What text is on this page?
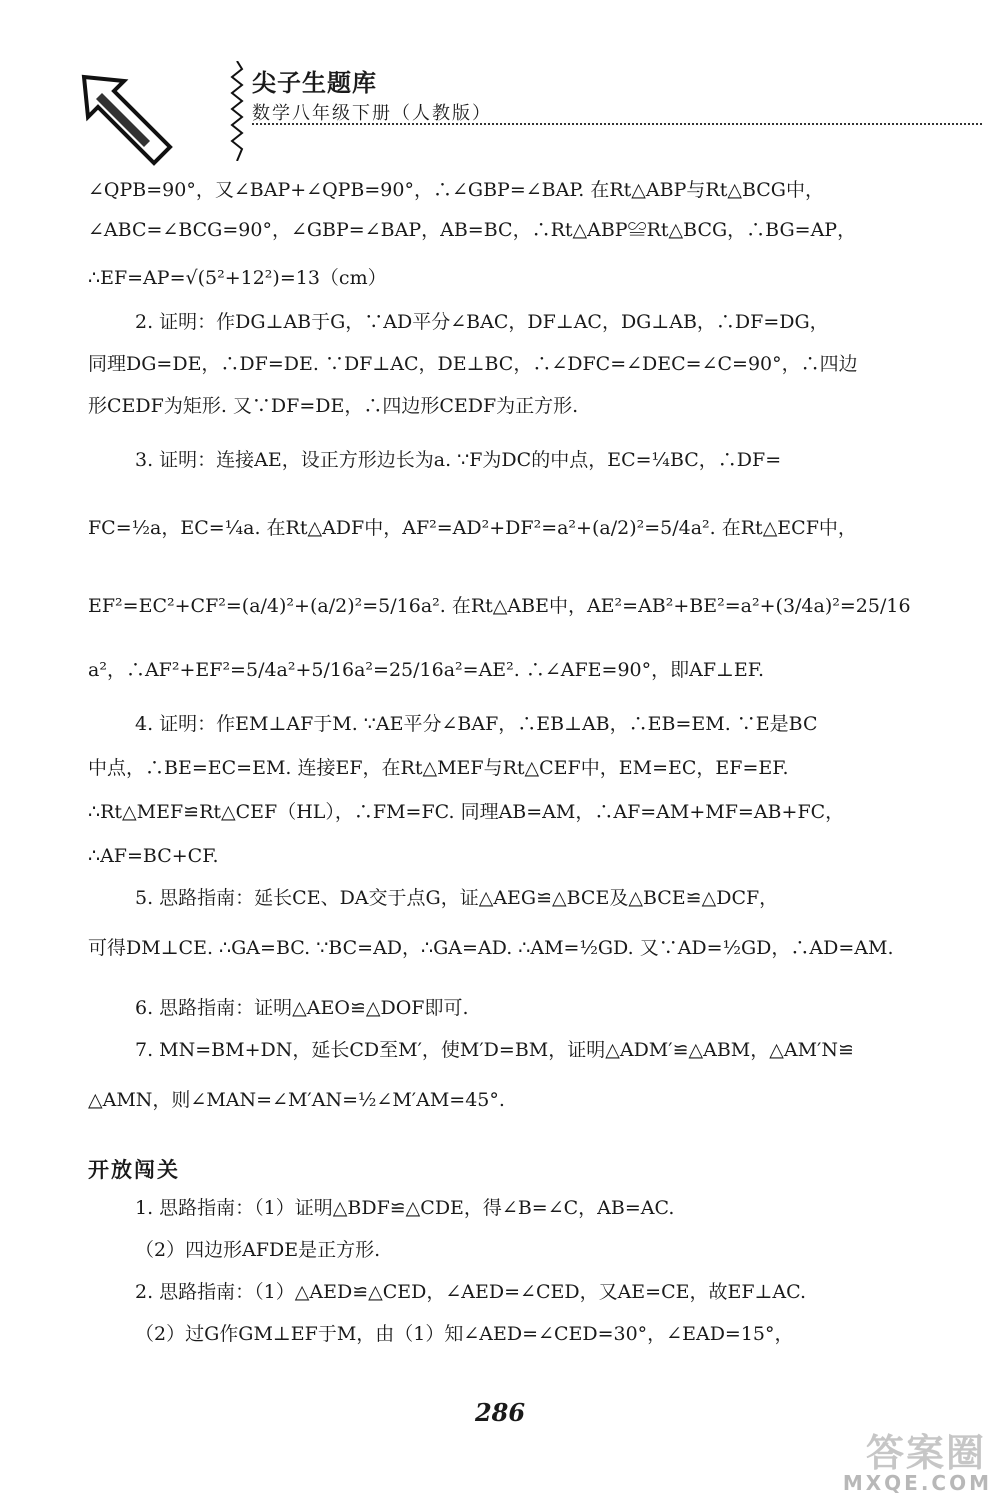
尖子生题库
数学八年级下册（人教版）
∠QPB=90°，又∠BAP+∠QPB=90°，∴∠GBP=∠BAP. 在Rt△ABP与Rt△BCG中，
∠ABC=∠BCG=90°，∠GBP=∠BAP，AB=BC，∴Rt△ABP≌Rt△BCG，∴BG=AP，
∴EF=AP=√(5²+12²)=13（cm）
2. 证明：作DG⊥AB于G，∵AD平分∠BAC，DF⊥AC，DG⊥AB，∴DF=DG，
同理DG=DE，∴DF=DE. ∵DF⊥AC，DE⊥BC，∴∠DFC=∠DEC=∠C=90°，∴四边
形CEDF为矩形. 又∵DF=DE，∴四边形CEDF为正方形.
3. 证明：连接AE，设正方形边长为a. ∵F为DC的中点，EC=¼BC，∴DF=
FC=½a，EC=¼a. 在Rt△ADF中，AF²=AD²+DF²=a²+(a/2)²=5/4a². 在Rt△ECF中，
EF²=EC²+CF²=(a/4)²+(a/2)²=5/16a². 在Rt△ABE中，AE²=AB²+BE²=a²+(3/4a)²=25/16
a²，∴AF²+EF²=5/4a²+5/16a²=25/16a²=AE². ∴∠AFE=90°，即AF⊥EF.
4. 证明：作EM⊥AF于M. ∵AE平分∠BAF，∴EB⊥AB，∴EB=EM. ∵E是BC
中点，∴BE=EC=EM. 连接EF，在Rt△MEF与Rt△CEF中，EM=EC，EF=EF.
∴Rt△MEF≌Rt△CEF（HL），∴FM=FC. 同理AB=AM，∴AF=AM+MF=AB+FC，
∴AF=BC+CF.
5. 思路指南：延长CE、DA交于点G，证△AEG≌△BCE及△BCE≌△DCF，
可得DM⊥CE. ∴GA=BC. ∵BC=AD，∴GA=AD. ∴AM=½GD. 又∵AD=½GD，∴AD=AM.
6. 思路指南：证明△AEO≌△DOF即可.
7. MN=BM+DN，延长CD至M′，使M′D=BM，证明△ADM′≌△ABM，△AM′N≌
△AMN，则∠MAN=∠M′AN=½∠M′AM=45°.
开放闯关
1. 思路指南：（1）证明△BDF≌△CDE，得∠B=∠C，AB=AC.
（2）四边形AFDE是正方形.
2. 思路指南：（1）△AED≌△CED，∠AED=∠CED，又AE=CE，故EF⊥AC.
（2）过G作GM⊥EF于M，由（1）知∠AED=∠CED=30°，∠EAD=15°，
286
答案圈
MXQE.COM
